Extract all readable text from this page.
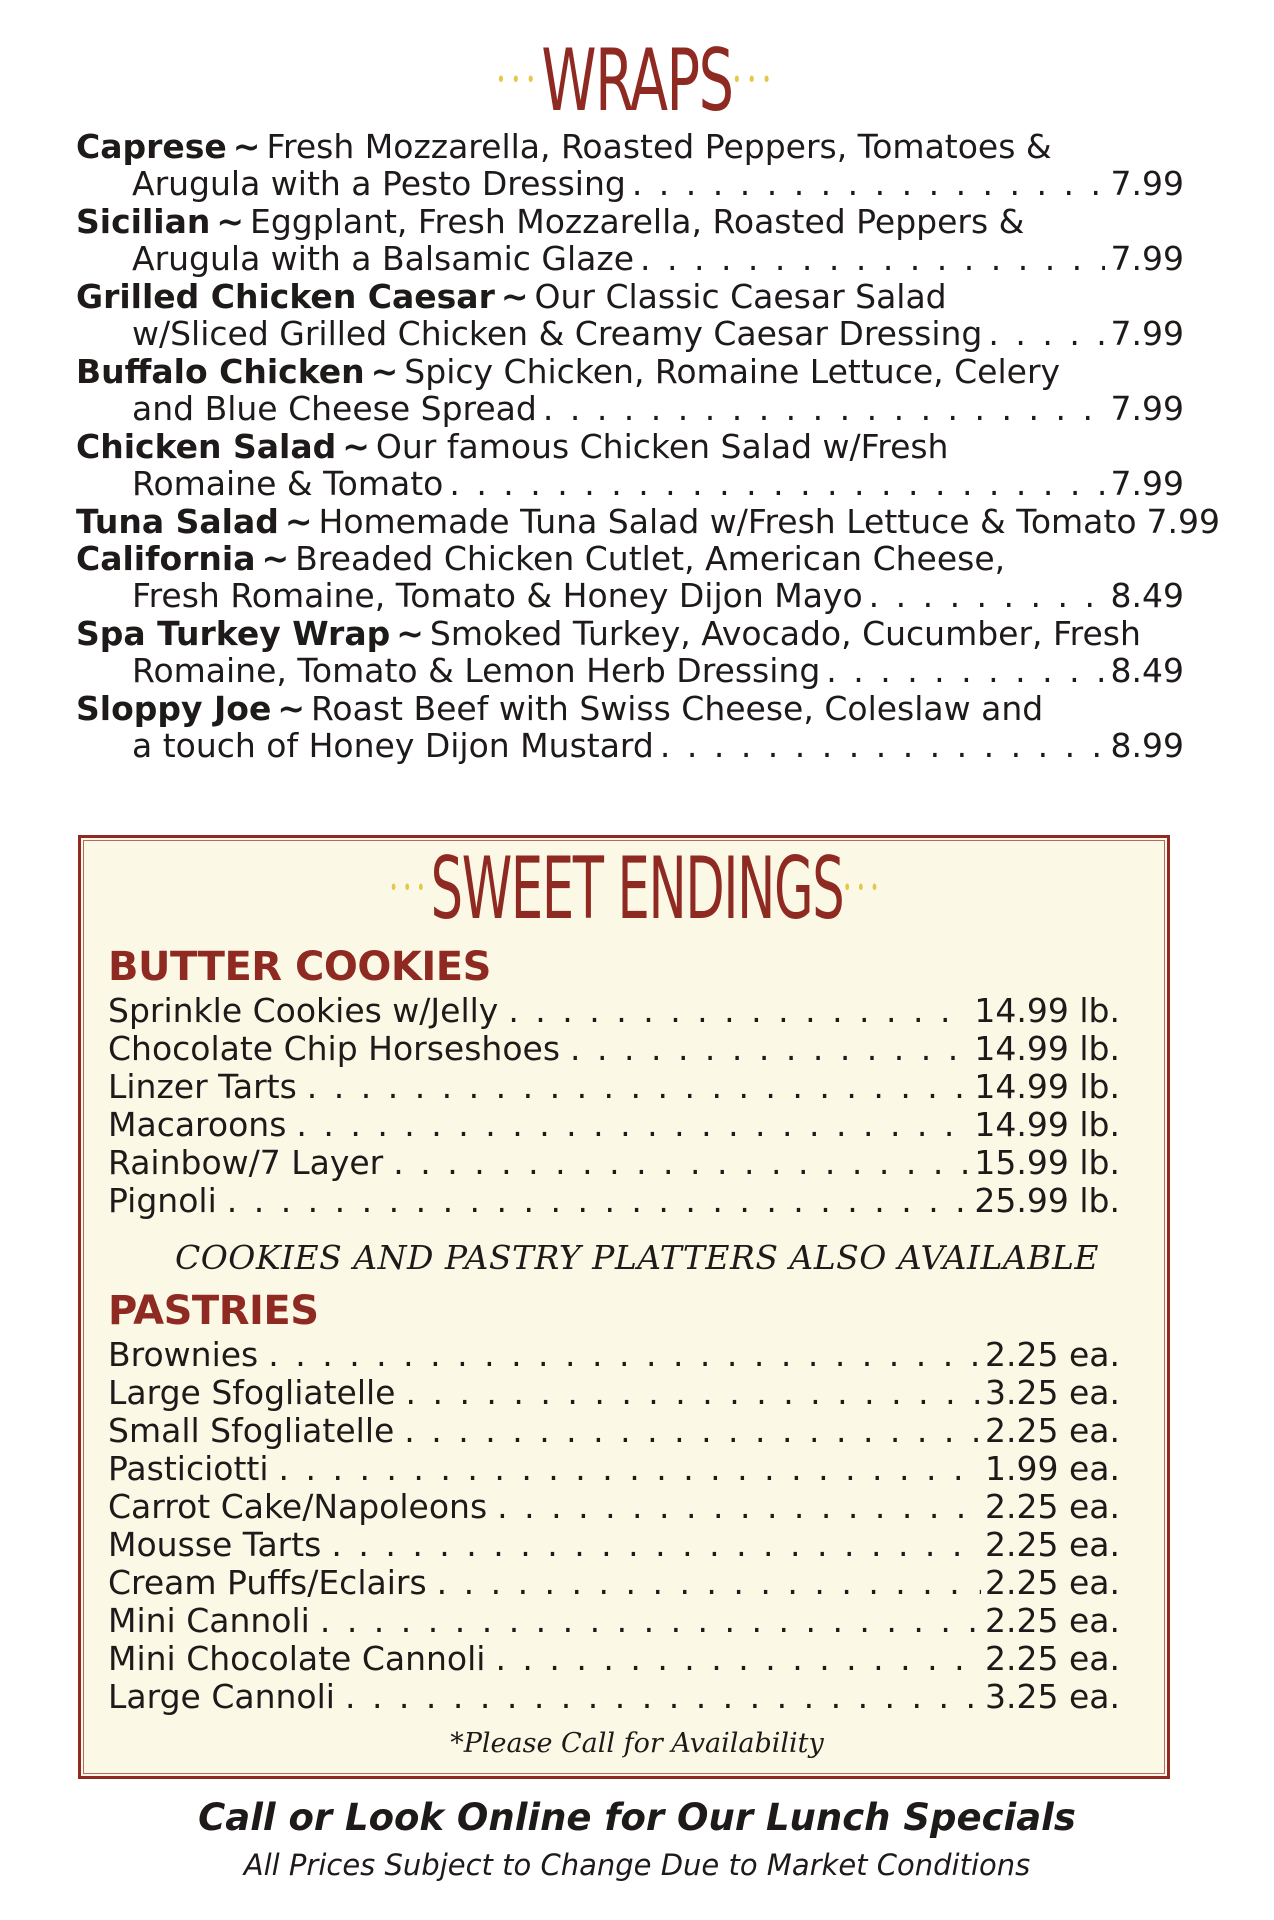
•••WRAPS•••
Caprese ~ Fresh Mozzarella, Roasted Peppers, Tomatoes &
Arugula with a Pesto Dressing . . .	7.99
Sicilian ~ Eggplant, Fresh Mozzarella, Roasted Peppers &
Arugula with a Balsamic Glaze . . .	7.99
Grilled Chicken Caesar ~ Our Classic Caesar Salad
w/Sliced Grilled Chicken & Creamy Caesar Dressing . . .	7.99
Buffalo Chicken ~ Spicy Chicken, Romaine Lettuce, Celery
and Blue Cheese Spread . . .	7.99
Chicken Salad ~ Our famous Chicken Salad w/Fresh
Romaine & Tomato . . .	7.99
Tuna Salad ~ Homemade Tuna Salad w/Fresh Lettuce & Tomato 7.99
California ~ Breaded Chicken Cutlet, American Cheese,
Fresh Romaine, Tomato & Honey Dijon Mayo . . .	8.49
Spa Turkey Wrap ~ Smoked Turkey, Avocado, Cucumber, Fresh
Romaine, Tomato & Lemon Herb Dressing . . .	8.49
Sloppy Joe ~ Roast Beef with Swiss Cheese, Coleslaw and
a touch of Honey Dijon Mustard . . .	8.99
•••SWEET ENDINGS•••
BUTTER COOKIES
Sprinkle Cookies w/Jelly . . .	14.99 lb.
Chocolate Chip Horseshoes . . .	14.99 lb.
Linzer Tarts . . .	14.99 lb.
Macaroons . . .	14.99 lb.
Rainbow/7 Layer . . .	15.99 lb.
Pignoli . . .	25.99 lb.
COOKIES AND PASTRY PLATTERS ALSO AVAILABLE
PASTRIES
Brownies . . .	2.25 ea.
Large Sfogliatelle . . .	3.25 ea.
Small Sfogliatelle . . .	2.25 ea.
Pasticiotti . . .	1.99 ea.
Carrot Cake/Napoleons . . .	2.25 ea.
Mousse Tarts . . .	2.25 ea.
Cream Puffs/Eclairs . . .	2.25 ea.
Mini Cannoli . . .	2.25 ea.
Mini Chocolate Cannoli . . .	2.25 ea.
Large Cannoli . . .	3.25 ea.
*Please Call for Availability
Call or Look Online for Our Lunch Specials
All Prices Subject to Change Due to Market Conditions
